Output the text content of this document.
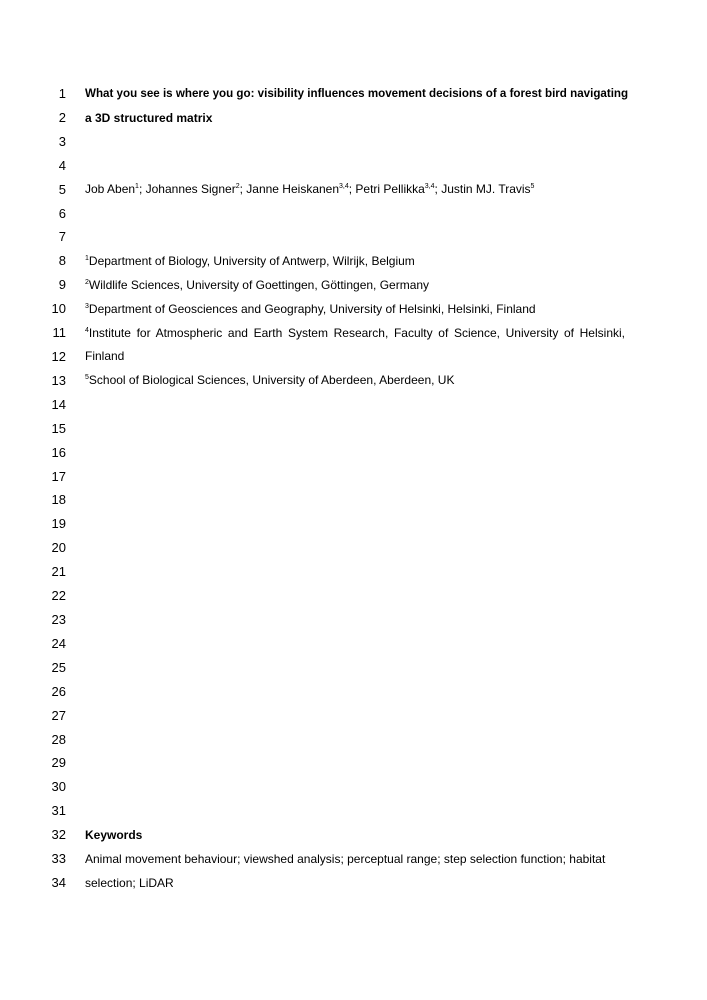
1
2
3
4
5
6
7
8
9
10
11
12
13
14
15
16
17
18
19
20
21
22
23
24
25
26
27
28
29
30
31
32
33
34
What you see is where you go: visibility influences movement decisions of a forest bird navigating
a 3D structured matrix
Job Aben$^1$; Johannes Signer$^2$; Janne Heiskanen$^{3,4}$; Petri Pellikka$^{3,4}$; Justin MJ. Travis$^5$
$^1$Department of Biology, University of Antwerp, Wilrijk, Belgium
$^2$Wildlife Sciences, University of Goettingen, Göttingen, Germany
$^3$Department of Geosciences and Geography, University of Helsinki, Helsinki, Finland
$^4$Institute for Atmospheric and Earth System Research, Faculty of Science, University of Helsinki,
Finland
$^5$School of Biological Sciences, University of Aberdeen, Aberdeen, UK
Keywords
Animal movement behaviour; viewshed analysis; perceptual range; step selection function; habitat
selection; LiDAR
